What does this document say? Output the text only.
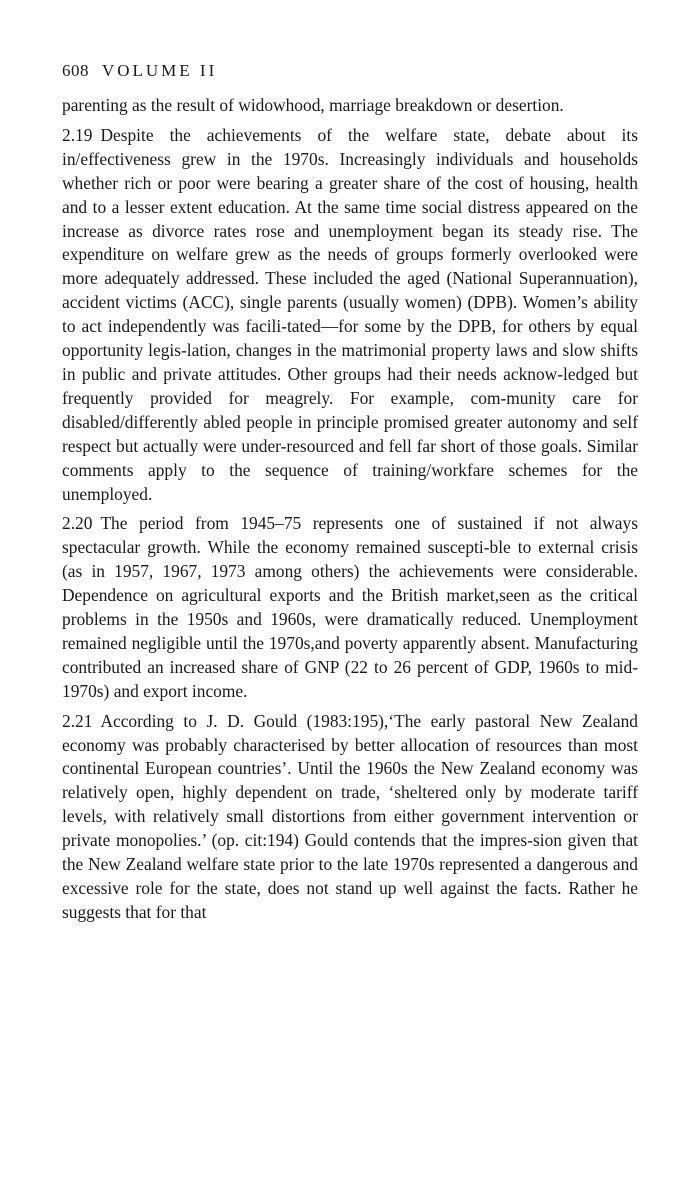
608 VOLUME II

parenting as the result of widowhood, marriage breakdown or desertion.

2.19 Despite the achievements of the welfare state, debate about its in/effectiveness grew in the 1970s. Increasingly individuals and households whether rich or poor were bearing a greater share of the cost of housing, health and to a lesser extent education. At the same time social distress appeared on the increase as divorce rates rose and unemployment began its steady rise. The expenditure on welfare grew as the needs of groups formerly overlooked were more adequately addressed. These included the aged (National Superannuation), accident victims (ACC), single parents (usually women) (DPB). Women’s ability to act independently was facili-tated—for some by the DPB, for others by equal opportunity legis-lation, changes in the matrimonial property laws and slow shifts in public and private attitudes. Other groups had their needs acknow-ledged but frequently provided for meagrely. For example, com-munity care for disabled/differently abled people in principle promised greater autonomy and self respect but actually were under-resourced and fell far short of those goals. Similar comments apply to the sequence of training/workfare schemes for the unemployed.

2.20 The period from 1945–75 represents one of sustained if not always spectacular growth. While the economy remained suscepti-ble to external crisis (as in 1957, 1967, 1973 among others) the achievements were considerable. Dependence on agricultural exports and the British market,seen as the critical problems in the 1950s and 1960s, were dramatically reduced. Unemployment remained negligible until the 1970s,and poverty apparently absent. Manufacturing contributed an increased share of GNP (22 to 26 percent of GDP, 1960s to mid-1970s) and export income.

2.21 According to J. D. Gould (1983:195),‘The early pastoral New Zealand economy was probably characterised by better allocation of resources than most continental European countries’. Until the 1960s the New Zealand economy was relatively open, highly dependent on trade, ‘sheltered only by moderate tariff levels, with relatively small distortions from either government intervention or private monopolies.’ (op. cit:194) Gould contends that the impres-sion given that the New Zealand welfare state prior to the late 1970s represented a dangerous and excessive role for the state, does not stand up well against the facts. Rather he suggests that for that
